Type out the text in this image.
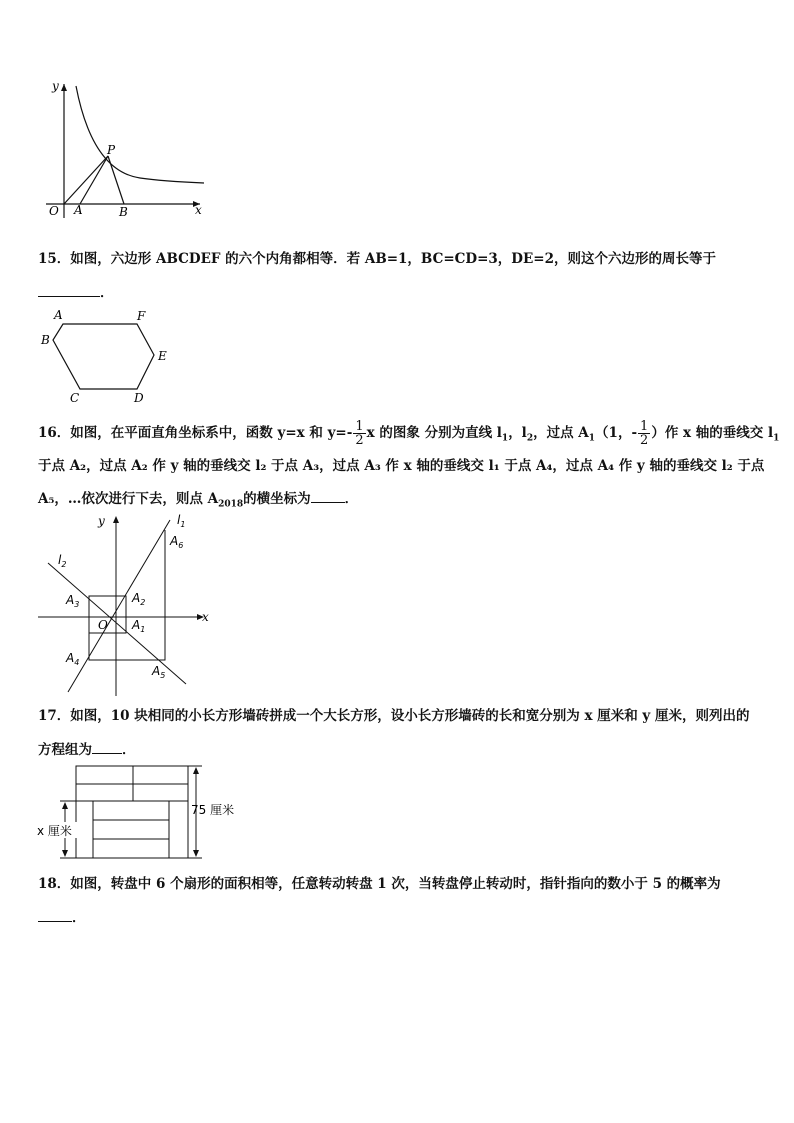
y
x
O A	B
P
15．如图，六边形 ABCDEF 的六个内角都相等．若 AB=1，BC=CD=3，DE=2，则这个六边形的周长等于
．
A
B
C	D
E
F
16．如图，在平面直角坐标系中，函数 y=x 和 $y=- \frac{1}{2}$ x 的图象 分别为直线 $l_1$，$l_2$，过点 $A_1(1$，- $\frac{1}{2}$ ）作 x 轴的垂线交 $l_1$
于点 A₂，过点 A₂ 作 y 轴的垂线交 l₂ 于点 A₃，过点 A₃ 作 x 轴的垂线交 l₁ 于点 A₄，过点 A₄ 作 y 轴的垂线交 l₂ 于点
A₅，…依次进行下去，则点 $A_{2018}$的横坐标为	．
y
x
O
$l_1$
$l_2$
$A_6$
$A_2$
$A_3$
$A_1$
$A_4$
$A_5$
17．如图，10 块相同的小长方形墙砖拼成一个大长方形，设小长方形墙砖的长和宽分别为 x 厘米和 y 厘米，则列出的
方程组为 ．
75 厘米
x 厘米
18．如图，转盘中 6 个扇形的面积相等，任意转动转盘 1 次，当转盘停止转动时，指针指向的数小于 5 的概率为
．
